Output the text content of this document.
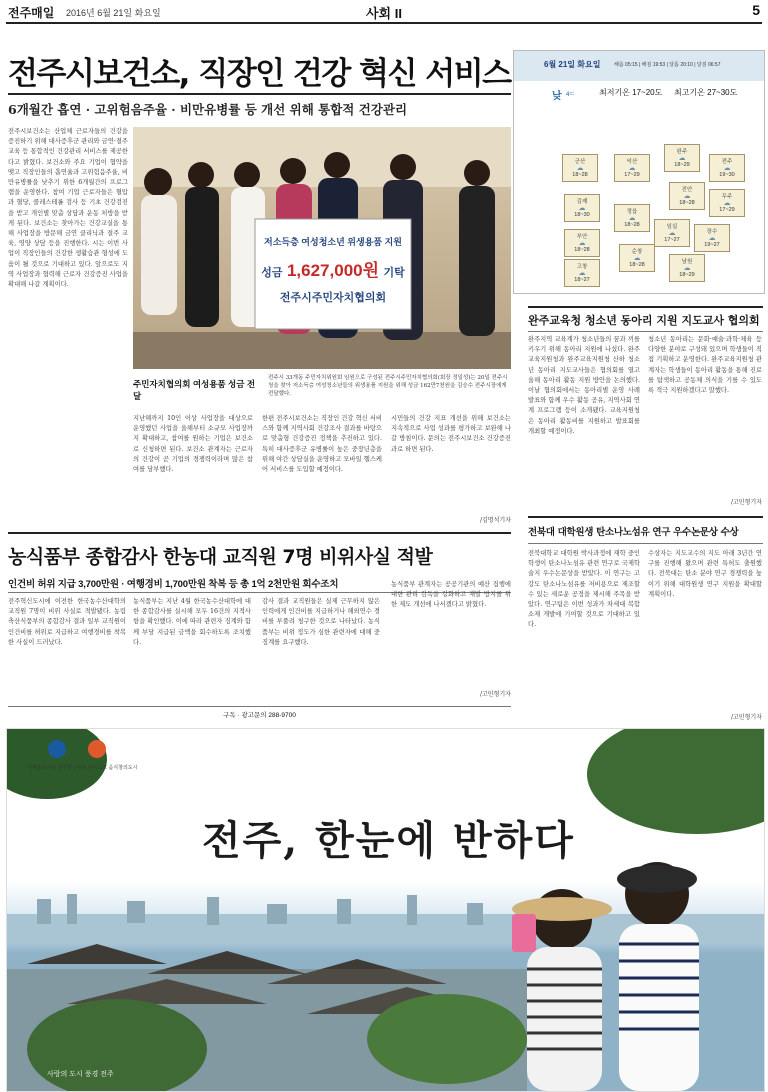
전주매일 2016년 6월 21일 화요일	사회 II	5
전주시보건소, 직장인 건강 혁신 서비스
6개월간 흡연 · 고위험음주율 · 비만유병률 등 개선 위해 통합적 건강관리
전주시보건소는 산업체 근로자들의 건강을 증진하기 위해 대사증후군 관리와 금연·절주 교육 등 통합적인 건강관리 서비스를 제공한다고 밝혔다. 보건소와 주요 기업이 협약을 맺고 직장인들의 흡연율과 고위험음주율, 비만유병률을 낮추기 위한 6개월간의 프로그램을 운영한다. 참여 기업 근로자들은 혈압과 혈당, 콜레스테롤 검사 등 기초 건강검진을 받고 개인별 맞춤 상담과 운동 처방을 받게 된다. 보건소는 찾아가는 건강교실을 통해 사업장을 방문해 금연 클리닉과 절주 교육, 영양 상담 등을 진행한다. 시는 이번 사업이 직장인들의 건강한 생활습관 형성에 도움이 될 것으로 기대하고 있다. 앞으로도 지역 사업장과 협력해 근로자 건강증진 사업을 확대해 나갈 계획이다.
저소득층 여성청소년 위생용품 지원
성금 1,627,000원 기탁
전주시주민자치협의회
주민자치협의회 여성용품 성금 전달
전주시 33개동 주민자치위원회 임원으로 구성된 전주시주민자치협의회(회장 정일성)는 20일 전주시청을 찾아 저소득층 여성청소년들의 위생용품 지원을 위해 성금 162만7천원을 김승수 전주시장에게 전달했다.
지난해까지 10인 이상 사업장을 대상으로 운영했던 사업을 올해부터 소규모 사업장까지 확대하고, 참여를 원하는 기업은 보건소로 신청하면 된다. 보건소 관계자는 근로자의 건강이 곧 기업의 경쟁력이라며 많은 참여를 당부했다.
한편 전주시보건소는 직장인 건강 혁신 서비스와 함께 지역사회 건강조사 결과를 바탕으로 맞춤형 건강증진 정책을 추진하고 있다. 특히 대사증후군 유병률이 높은 중장년층을 위해 야간 상담실을 운영하고 모바일 헬스케어 서비스를 도입할 예정이다.
시민들의 건강 지표 개선을 위해 보건소는 지속적으로 사업 성과를 평가하고 보완해 나갈 방침이다. 문의는 전주시보건소 건강증진과로 하면 된다.
/김명석기자
6월 21일 화요일	해뜸 05:15 | 해짐 19:53 | 달뜸 20:10 | 달짐 06:57
낮 4ㄷ	최저기온 17~20도 최고기온 27~30도
군산
☁
18~28
익산
☁
17~29
완주
☁
18~29	전주
☁
19~30
진안
☁
18~28
무주
☁
17~29
김제
☁
18~30
부안
☁
18~28
정읍
☁
18~28	임실
☁
17~27
장수
☁
19~27
고창
☁
18~27
순창
☁
18~28	남원
☁
18~29
완주교육청 청소년 동아리 지원 지도교사 협의회
완주지역 교육계가 청소년들의 꿈과 끼를 키우기 위해 동아리 지원에 나섰다. 완주교육지원청과 완주교육지원청 산하 청소년 동아리 지도교사들은 협의회를 열고 올해 동아리 활동 지원 방안을 논의했다. 이날 협의회에서는 동아리별 운영 사례 발표와 함께 우수 활동 공유, 지역사회 연계 프로그램 등이 소개됐다. 교육지원청은 동아리 활동비를 지원하고 발표회를 개최할 예정이다.
청소년 동아리는 문화·예술·과학·체육 등 다양한 분야로 구성돼 있으며 학생들이 직접 기획하고 운영한다. 완주교육지원청 관계자는 학생들이 동아리 활동을 통해 진로를 탐색하고 공동체 의식을 기를 수 있도록 적극 지원하겠다고 말했다.
/고민형기자
전북대 대학원생 탄소나노섬유 연구 우수논문상 수상
전북대학교 대학원 박사과정에 재학 중인 학생이 탄소나노섬유 관련 연구로 국제학술지 우수논문상을 받았다. 이 연구는 고강도 탄소나노섬유를 저비용으로 제조할 수 있는 새로운 공정을 제시해 주목을 받았다. 연구팀은 이번 성과가 차세대 복합소재 개발에 기여할 것으로 기대하고 있다.
수상자는 지도교수의 지도 아래 3년간 연구를 진행해 왔으며 관련 특허도 출원했다. 전북대는 탄소 분야 연구 경쟁력을 높이기 위해 대학원생 연구 지원을 확대할 계획이다.
/고민형기자
농식품부 종합감사 한농대 교직원 7명 비위사실 적발
인건비 허위 지급 3,700만원 · 여행경비 1,700만원 착복 등 총 1억 2천만원 회수조치
전주혁신도시에 이전한 한국농수산대학의 교직원 7명이 비위 사실로 적발됐다. 농림축산식품부의 종합감사 결과 일부 교직원이 인건비를 허위로 지급하고 여행경비를 착복한 사실이 드러났다.
농식품부는 지난 4월 한국농수산대학에 대한 종합감사를 실시해 모두 16건의 지적사항을 확인했다. 이에 따라 관련자 징계와 함께 부당 지급된 금액을 회수하도록 조치했다.
감사 결과 교직원들은 실제 근무하지 않은 인력에게 인건비를 지급하거나 해외연수 경비를 부풀려 청구한 것으로 나타났다. 농식품부는 비위 정도가 심한 관련자에 대해 중징계를 요구했다.
농식품부 관계자는 공공기관의 예산 집행에 대한 관리 감독을 강화하고 재발 방지를 위한 제도 개선에 나서겠다고 밝혔다.
/고민형기자
구독 · 광고문의 288-9700
세계슬로시티 전주한옥마을 유네스코 음식창의도시
전주, 한눈에 반하다
사랑의 도시 풍경 전주
